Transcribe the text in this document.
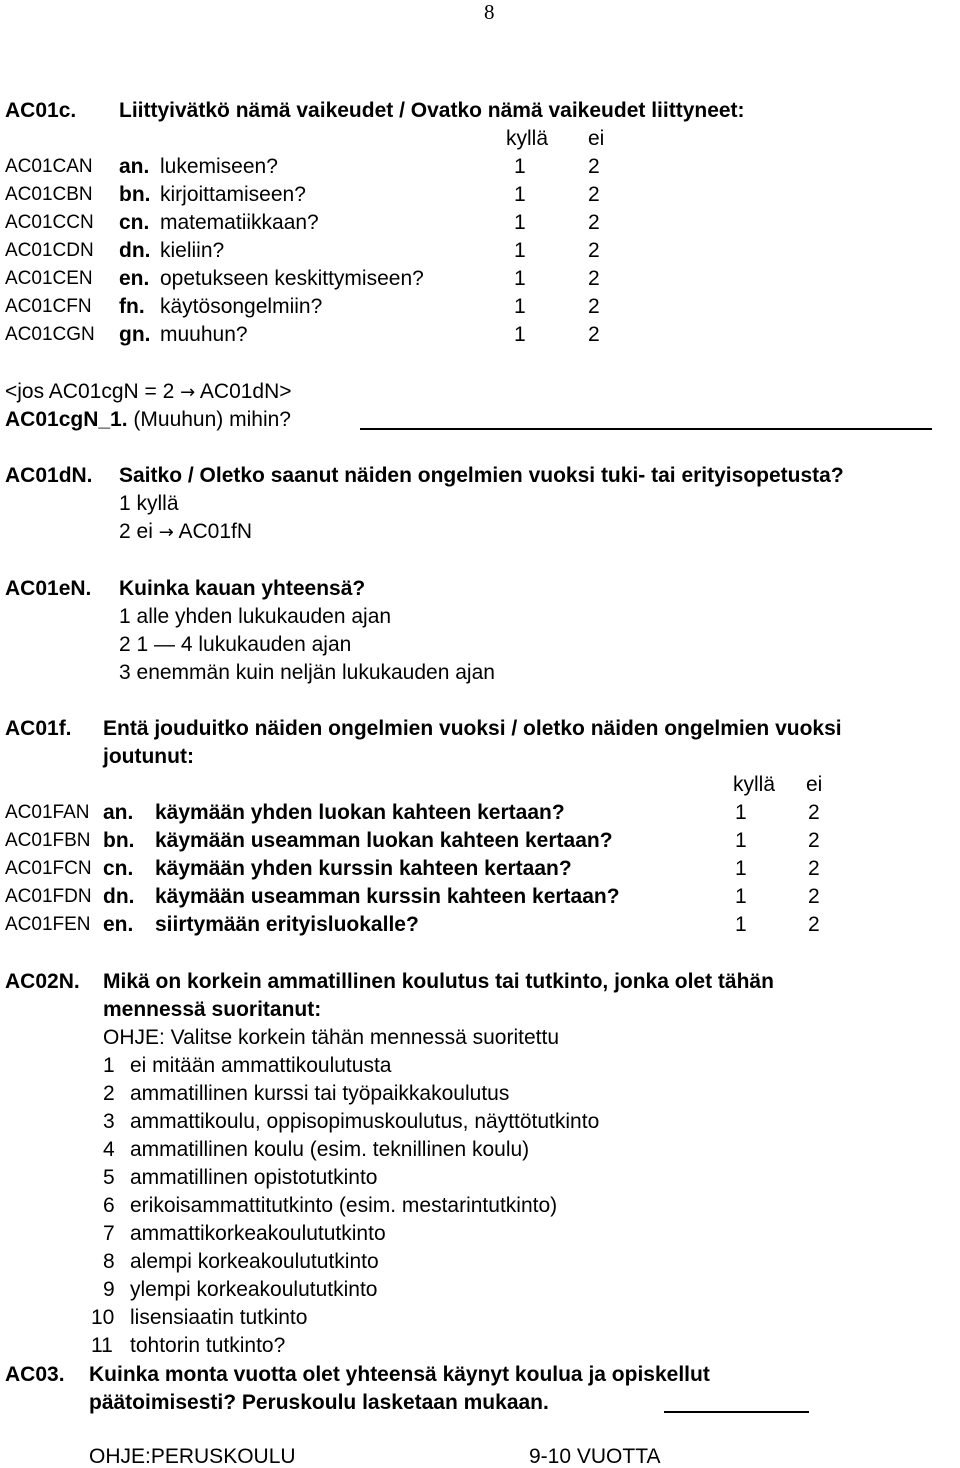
8
AC01c. Liittyivätkö nämä vaikeudet / Ovatko nämä vaikeudet liittyneet:
kyllä ei
AC01CAN an. lukemiseen?	1	2
AC01CBN bn. kirjoittamiseen?	1	2
AC01CCN cn. matematiikkaan?	1	2
AC01CDN dn. kieliin?	1	2
AC01CEN en. opetukseen keskittymiseen?	1	2
AC01CFN fn. käytösongelmiin?	1	2
AC01CGN gn. muuhun?	1	2
<jos AC01cgN = 2 → AC01dN>
AC01cgN_1. (Muuhun) mihin?
AC01dN. Saitko / Oletko saanut näiden ongelmien vuoksi tuki- tai erityisopetusta?
1 kyllä
2 ei → AC01fN
AC01eN. Kuinka kauan yhteensä?
1 alle yhden lukukauden ajan
2 1 — 4 lukukauden ajan
3 enemmän kuin neljän lukukauden ajan
AC01f. Entä jouduitko näiden ongelmien vuoksi / oletko näiden ongelmien vuoksi
joutunut:
kyllä ei
AC01FAN an. käymään yhden luokan kahteen kertaan?	1	2
AC01FBN bn. käymään useamman luokan kahteen kertaan?	1	2
AC01FCN cn. käymään yhden kurssin kahteen kertaan?	1	2
AC01FDN dn. käymään useamman kurssin kahteen kertaan?	1	2
AC01FEN en. siirtymään erityisluokalle?	1	2
AC02N. Mikä on korkein ammatillinen koulutus tai tutkinto, jonka olet tähän
mennessä suoritanut:
OHJE: Valitse korkein tähän mennessä suoritettu
1 ei mitään ammattikoulutusta
2 ammatillinen kurssi tai työpaikkakoulutus
3 ammattikoulu, oppisopimuskoulutus, näyttötutkinto
4 ammatillinen koulu (esim. teknillinen koulu)
5 ammatillinen opistotutkinto
6 erikoisammattitutkinto (esim. mestarintutkinto)
7 ammattikorkeakoulututkinto
8 alempi korkeakoulututkinto
9 ylempi korkeakoulututkinto
10 lisensiaatin tutkinto
11 tohtorin tutkinto?
AC03. Kuinka monta vuotta olet yhteensä käynyt koulua ja opiskellut
päätoimisesti? Peruskoulu lasketaan mukaan.
OHJE:PERUSKOULU	9-10 VUOTTA
